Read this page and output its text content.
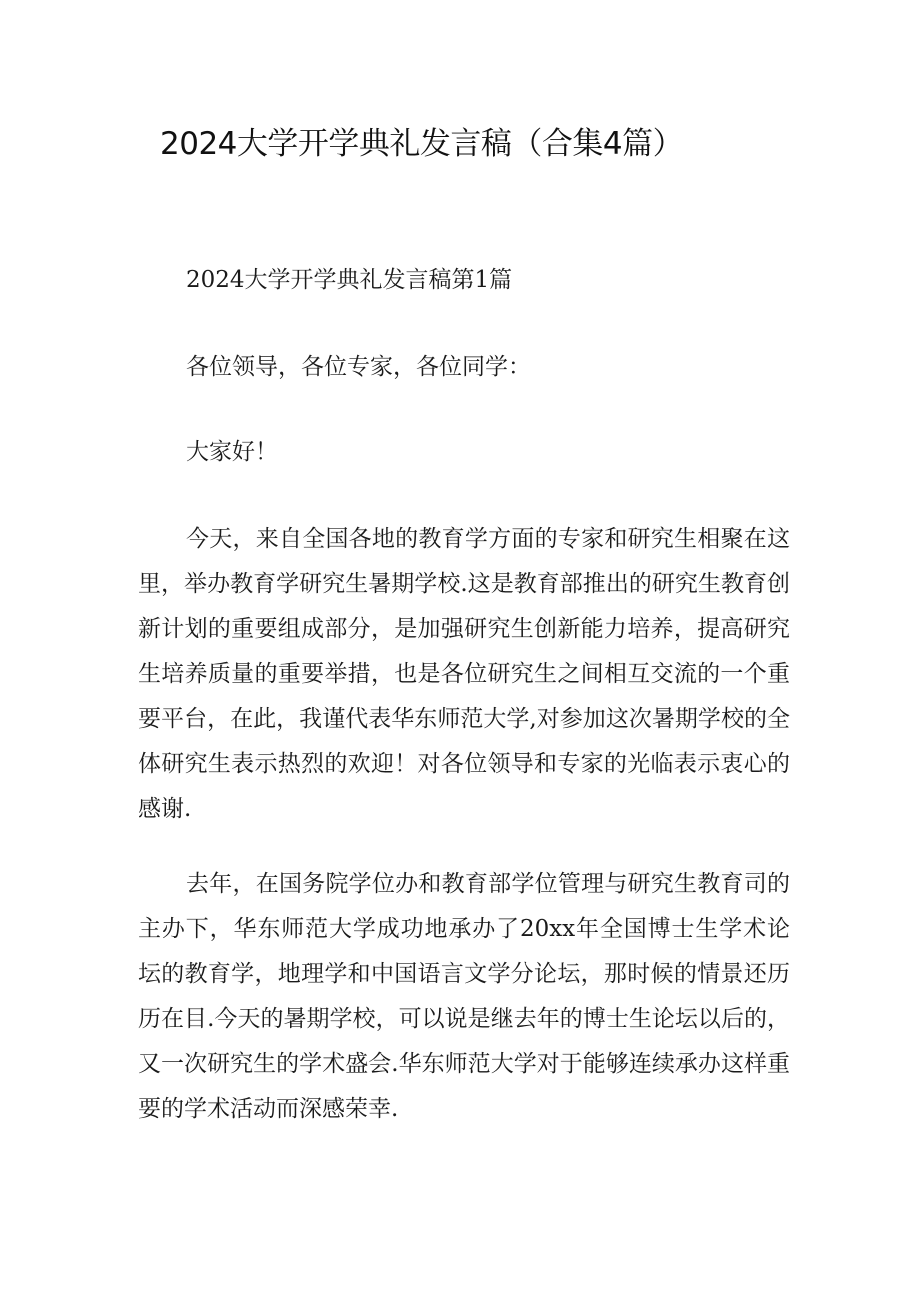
2024大学开学典礼发言稿（合集4篇）

2024大学开学典礼发言稿第1篇

各位领导，各位专家，各位同学：

大家好！

今天，来自全国各地的教育学方面的专家和研究生相聚在这里，举办教育学研究生暑期学校.这是教育部推出的研究生教育创新计划的重要组成部分，是加强研究生创新能力培养，提高研究生培养质量的重要举措，也是各位研究生之间相互交流的一个重要平台，在此，我谨代表华东师范大学,对参加这次暑期学校的全体研究生表示热烈的欢迎！对各位领导和专家的光临表示衷心的感谢.

去年，在国务院学位办和教育部学位管理与研究生教育司的主办下，华东师范大学成功地承办了20xx年全国博士生学术论坛的教育学，地理学和中国语言文学分论坛，那时候的情景还历历在目.今天的暑期学校，可以说是继去年的博士生论坛以后的，又一次研究生的学术盛会.华东师范大学对于能够连续承办这样重要的学术活动而深感荣幸.
